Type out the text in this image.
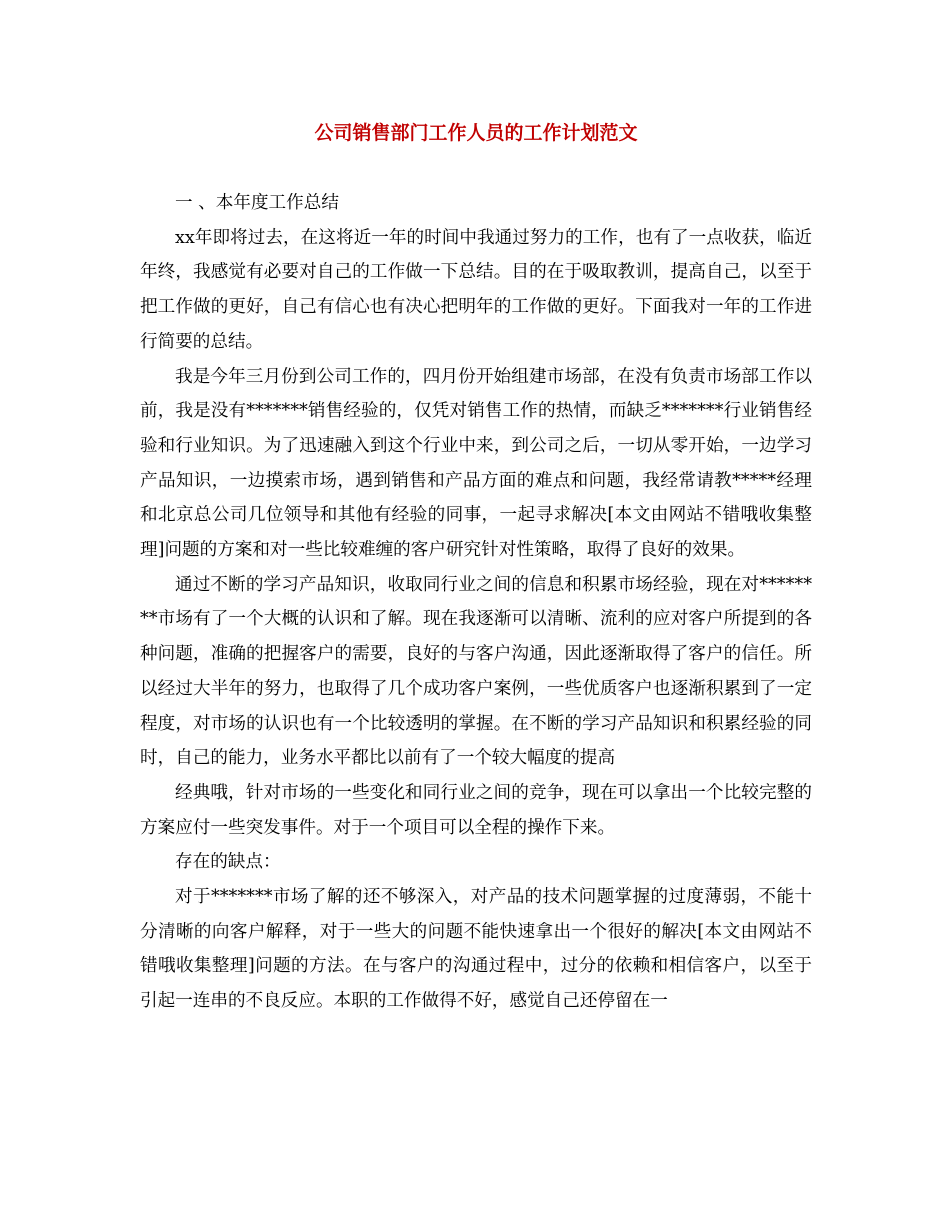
公司销售部门工作人员的工作计划范文

一 、本年度工作总结

xx年即将过去，在这将近一年的时间中我通过努力的工作，也有了一点收获，临近年终，我感觉有必要对自己的工作做一下总结。目的在于吸取教训，提高自己，以至于把工作做的更好，自己有信心也有决心把明年的工作做的更好。下面我对一年的工作进行简要的总结。

我是今年三月份到公司工作的，四月份开始组建市场部，在没有负责市场部工作以前，我是没有*******销售经验的，仅凭对销售工作的热情，而缺乏*******行业销售经验和行业知识。为了迅速融入到这个行业中来，到公司之后，一切从零开始，一边学习产品知识，一边摸索市场，遇到销售和产品方面的难点和问题，我经常请教*****经理和北京总公司几位领导和其他有经验的同事，一起寻求解决[本文由网站不错哦收集整理]问题的方案和对一些比较难缠的客户研究针对性策略，取得了良好的效果。

通过不断的学习产品知识，收取同行业之间的信息和积累市场经验，现在对********市场有了一个大概的认识和了解。现在我逐渐可以清晰、流利的应对客户所提到的各种问题，准确的把握客户的需要，良好的与客户沟通，因此逐渐取得了客户的信任。所以经过大半年的努力，也取得了几个成功客户案例，一些优质客户也逐渐积累到了一定程度，对市场的认识也有一个比较透明的掌握。在不断的学习产品知识和积累经验的同时，自己的能力，业务水平都比以前有了一个较大幅度的提高

经典哦，针对市场的一些变化和同行业之间的竞争，现在可以拿出一个比较完整的方案应付一些突发事件。对于一个项目可以全程的操作下来。

存在的缺点：

对于*******市场了解的还不够深入，对产品的技术问题掌握的过度薄弱，不能十分清晰的向客户解释，对于一些大的问题不能快速拿出一个很好的解决[本文由网站不错哦收集整理]问题的方法。在与客户的沟通过程中，过分的依赖和相信客户，以至于引起一连串的不良反应。本职的工作做得不好，感觉自己还停留在一
